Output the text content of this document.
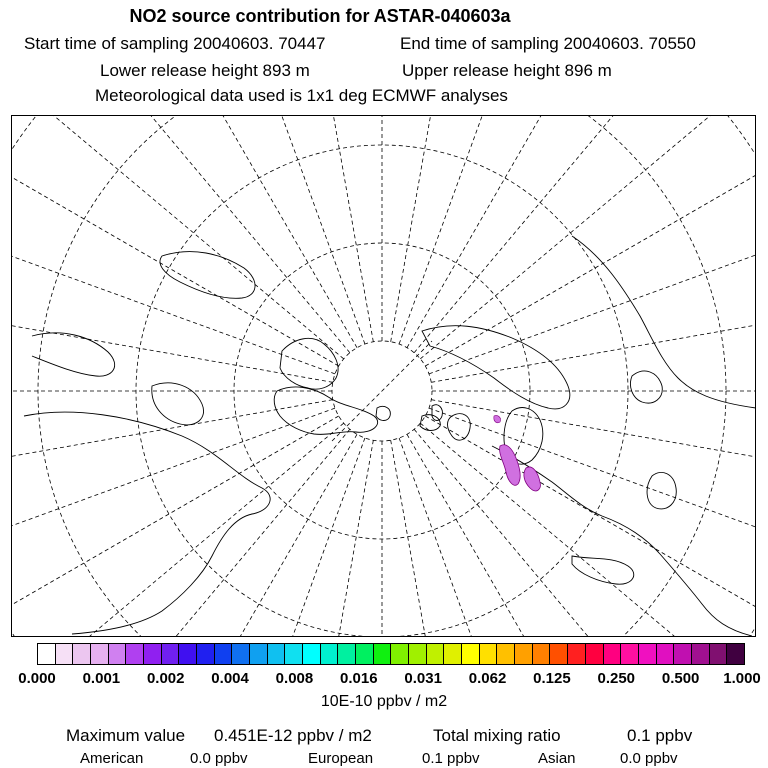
NO2 source contribution for ASTAR-040603a
Start time of sampling 20040603. 70447	End time of sampling 20040603. 70550
Lower release height 893 m	Upper release height 896 m
Meteorological data used is 1x1 deg ECMWF analyses
0.000 0.001 0.002 0.004 0.008 0.016 0.031 0.062 0.125 0.250 0.500 1.000
10E-10 ppbv / m2
Maximum value 0.451E-12 ppbv / m2	Total mixing ratio	0.1 ppbv
American	0.0 ppbv	European	0.1 ppbv	Asian	0.0 ppbv
